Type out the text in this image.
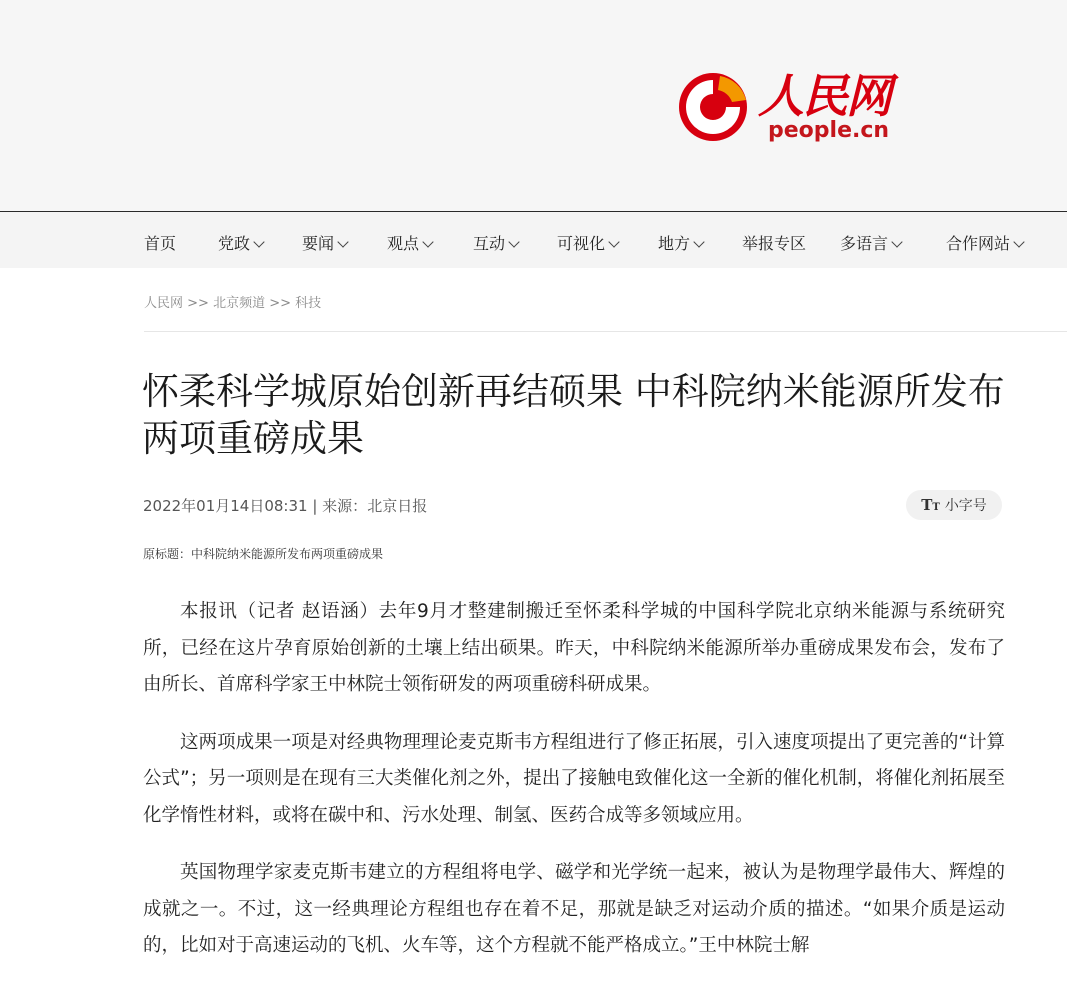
人民网
people.cn
首页	党政	要闻	观点	互动	可视化	地方	举报专区 多语言	合作网站
人民网 >> 北京频道 >> 科技
怀柔科学城原始创新再结硕果 中科院纳米能源所发布两项重磅成果
2022年01月14日08:31 | 来源：北京日报	TT 小字号
原标题：中科院纳米能源所发布两项重磅成果

本报讯（记者 赵语涵）去年9月才整建制搬迁至怀柔科学城的中国科学院北京纳米能源与系统研究所，已经在这片孕育原始创新的土壤上结出硕果。昨天，中科院纳米能源所举办重磅成果发布会，发布了由所长、首席科学家王中林院士领衔研发的两项重磅科研成果。

这两项成果一项是对经典物理理论麦克斯韦方程组进行了修正拓展，引入速度项提出了更完善的“计算公式”；另一项则是在现有三大类催化剂之外，提出了接触电致催化这一全新的催化机制，将催化剂拓展至化学惰性材料，或将在碳中和、污水处理、制氢、医药合成等多领域应用。

英国物理学家麦克斯韦建立的方程组将电学、磁学和光学统一起来，被认为是物理学最伟大、辉煌的成就之一。不过，这一经典理论方程组也存在着不足，那就是缺乏对运动介质的描述。“如果介质是运动的，比如对于高速运动的飞机、火车等，这个方程就不能严格成立。”王中林院士解
